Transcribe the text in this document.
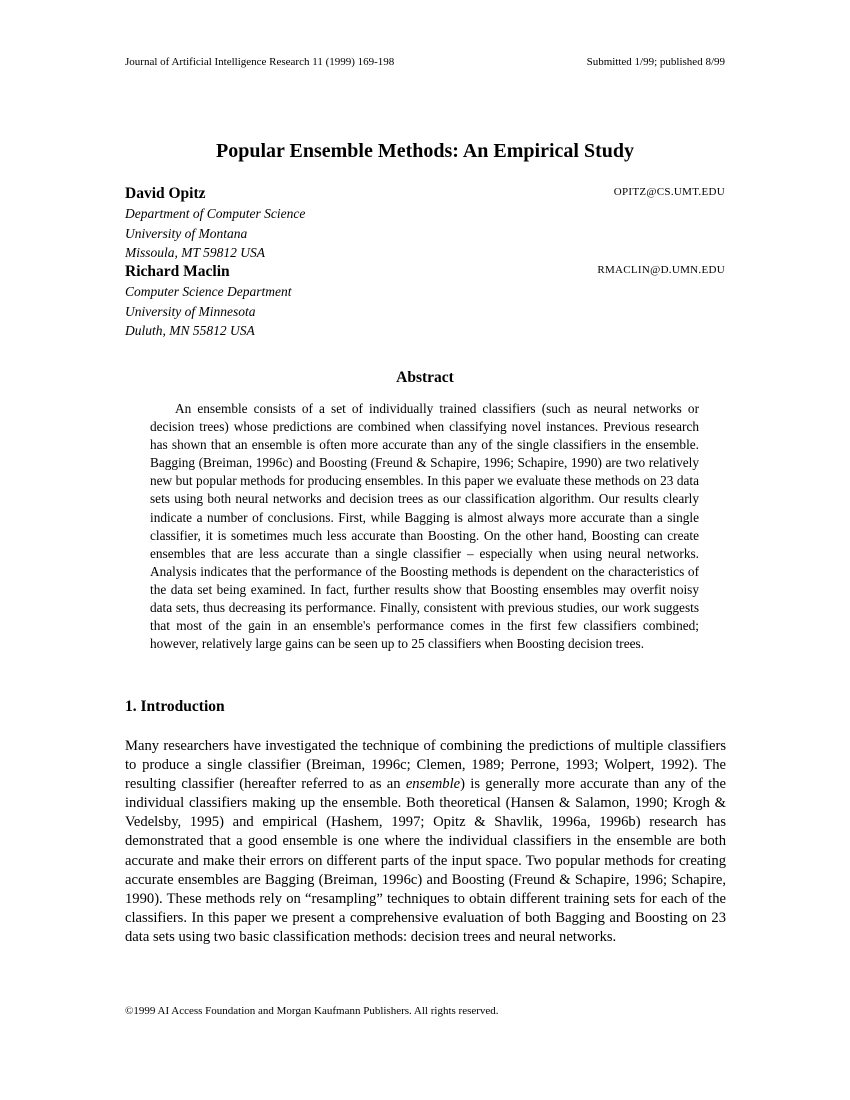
Journal of Artificial Intelligence Research 11 (1999) 169-198	Submitted 1/99; published 8/99
Popular Ensemble Methods: An Empirical Study
David Opitz	OPITZ@CS.UMT.EDU
Department of Computer Science
University of Montana
Missoula, MT 59812 USA
Richard Maclin	RMACLIN@D.UMN.EDU
Computer Science Department
University of Minnesota
Duluth, MN 55812 USA
Abstract

An ensemble consists of a set of individually trained classifiers (such as neural networks or decision trees) whose predictions are combined when classifying novel instances. Previous research has shown that an ensemble is often more accurate than any of the single classifiers in the ensemble. Bagging (Breiman, 1996c) and Boosting (Freund & Schapire, 1996; Schapire, 1990) are two relatively new but popular methods for producing ensembles. In this paper we evaluate these methods on 23 data sets using both neural networks and decision trees as our classification algorithm. Our results clearly indicate a number of conclusions. First, while Bagging is almost always more accurate than a single classifier, it is sometimes much less accurate than Boosting. On the other hand, Boosting can create ensembles that are less accurate than a single classifier – especially when using neural networks. Analysis indicates that the performance of the Boosting methods is dependent on the characteristics of the data set being examined. In fact, further results show that Boosting ensembles may overfit noisy data sets, thus decreasing its performance. Finally, consistent with previous studies, our work suggests that most of the gain in an ensemble's performance comes in the first few classifiers combined; however, relatively large gains can be seen up to 25 classifiers when Boosting decision trees.

1. Introduction

Many researchers have investigated the technique of combining the predictions of multiple classifiers to produce a single classifier (Breiman, 1996c; Clemen, 1989; Perrone, 1993; Wolpert, 1992). The resulting classifier (hereafter referred to as an ensemble) is generally more accurate than any of the individual classifiers making up the ensemble. Both theoretical (Hansen & Salamon, 1990; Krogh & Vedelsby, 1995) and empirical (Hashem, 1997; Opitz & Shavlik, 1996a, 1996b) research has demonstrated that a good ensemble is one where the individual classifiers in the ensemble are both accurate and make their errors on different parts of the input space. Two popular methods for creating accurate ensembles are Bagging (Breiman, 1996c) and Boosting (Freund & Schapire, 1996; Schapire, 1990). These methods rely on “resampling” techniques to obtain different training sets for each of the classifiers. In this paper we present a comprehensive evaluation of both Bagging and Boosting on 23 data sets using two basic classification methods: decision trees and neural networks.

©1999 AI Access Foundation and Morgan Kaufmann Publishers. All rights reserved.
